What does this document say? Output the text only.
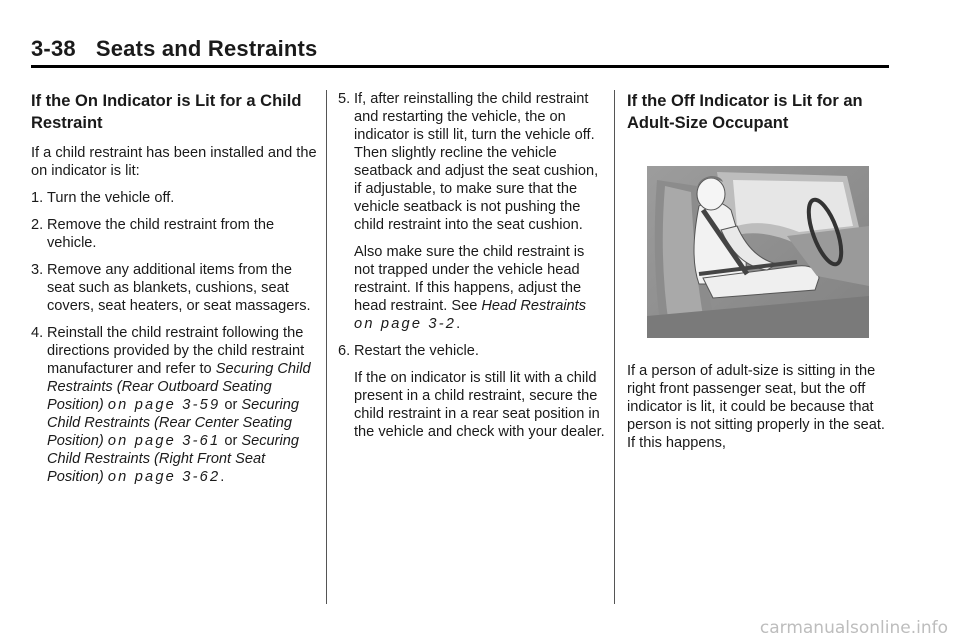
3-38 Seats and Restraints
If the On Indicator is Lit for a Child Restraint
If a child restraint has been installed and the on indicator is lit:
1. Turn the vehicle off.
2. Remove the child restraint from the vehicle.
3. Remove any additional items from the seat such as blankets, cushions, seat covers, seat heaters, or seat massagers.
4. Reinstall the child restraint following the directions provided by the child restraint manufacturer and refer to Securing Child Restraints (Rear Outboard Seating Position) on page 3-59 or Securing Child Restraints (Rear Center Seating Position) on page 3-61 or Securing Child Restraints (Right Front Seat Position) on page 3-62.
5. If, after reinstalling the child restraint and restarting the vehicle, the on indicator is still lit, turn the vehicle off. Then slightly recline the vehicle seatback and adjust the seat cushion, if adjustable, to make sure that the vehicle seatback is not pushing the child restraint into the seat cushion.
Also make sure the child restraint is not trapped under the vehicle head restraint. If this happens, adjust the head restraint. See Head Restraints on page 3-2.
6. Restart the vehicle.
If the on indicator is still lit with a child present in a child restraint, secure the child restraint in a rear seat position in the vehicle and check with your dealer.
If the Off Indicator is Lit for an Adult-Size Occupant
If a person of adult-size is sitting in the right front passenger seat, but the off indicator is lit, it could be because that person is not sitting properly in the seat. If this happens,
carmanualsonline.info
